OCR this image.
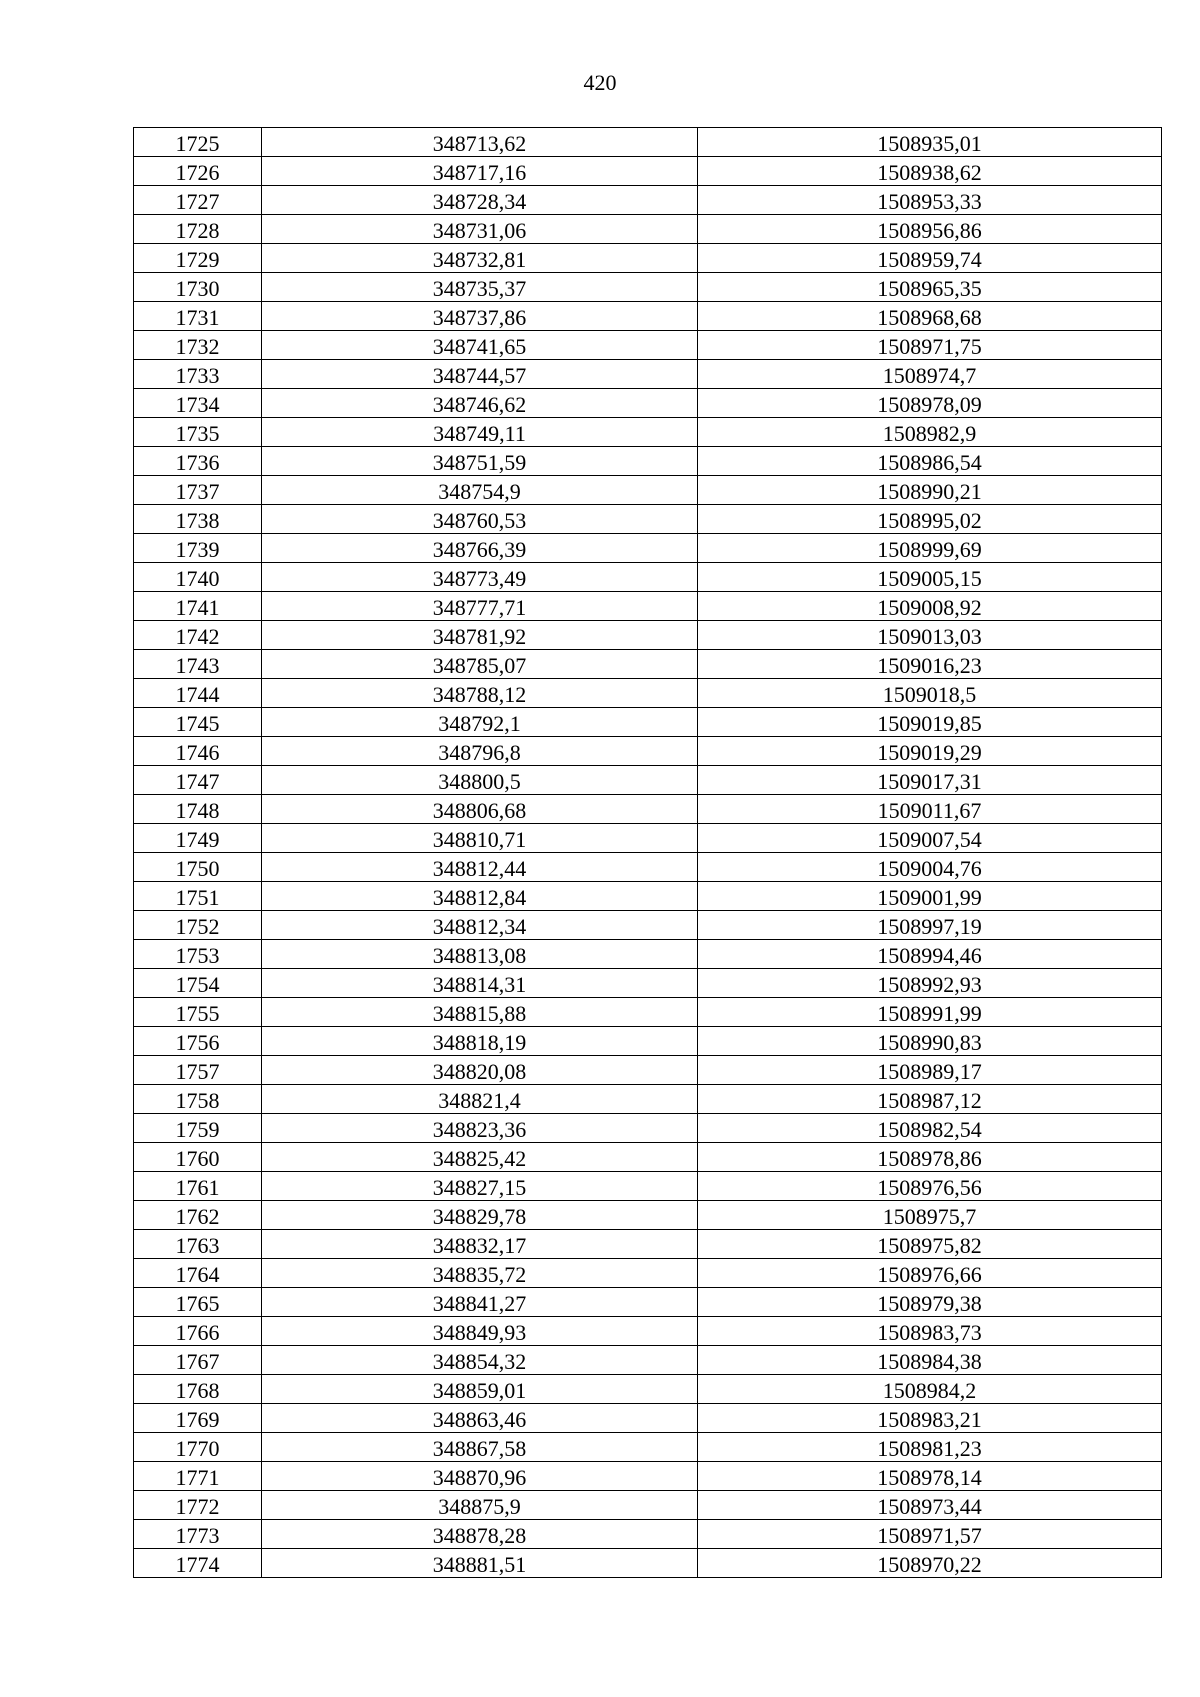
420
1725	348713,62	1508935,01
1726	348717,16	1508938,62
1727	348728,34	1508953,33
1728	348731,06	1508956,86
1729	348732,81	1508959,74
1730	348735,37	1508965,35
1731	348737,86	1508968,68
1732	348741,65	1508971,75
1733	348744,57	1508974,7
1734	348746,62	1508978,09
1735	348749,11	1508982,9
1736	348751,59	1508986,54
1737	348754,9	1508990,21
1738	348760,53	1508995,02
1739	348766,39	1508999,69
1740	348773,49	1509005,15
1741	348777,71	1509008,92
1742	348781,92	1509013,03
1743	348785,07	1509016,23
1744	348788,12	1509018,5
1745	348792,1	1509019,85
1746	348796,8	1509019,29
1747	348800,5	1509017,31
1748	348806,68	1509011,67
1749	348810,71	1509007,54
1750	348812,44	1509004,76
1751	348812,84	1509001,99
1752	348812,34	1508997,19
1753	348813,08	1508994,46
1754	348814,31	1508992,93
1755	348815,88	1508991,99
1756	348818,19	1508990,83
1757	348820,08	1508989,17
1758	348821,4	1508987,12
1759	348823,36	1508982,54
1760	348825,42	1508978,86
1761	348827,15	1508976,56
1762	348829,78	1508975,7
1763	348832,17	1508975,82
1764	348835,72	1508976,66
1765	348841,27	1508979,38
1766	348849,93	1508983,73
1767	348854,32	1508984,38
1768	348859,01	1508984,2
1769	348863,46	1508983,21
1770	348867,58	1508981,23
1771	348870,96	1508978,14
1772	348875,9	1508973,44
1773	348878,28	1508971,57
1774	348881,51	1508970,22
